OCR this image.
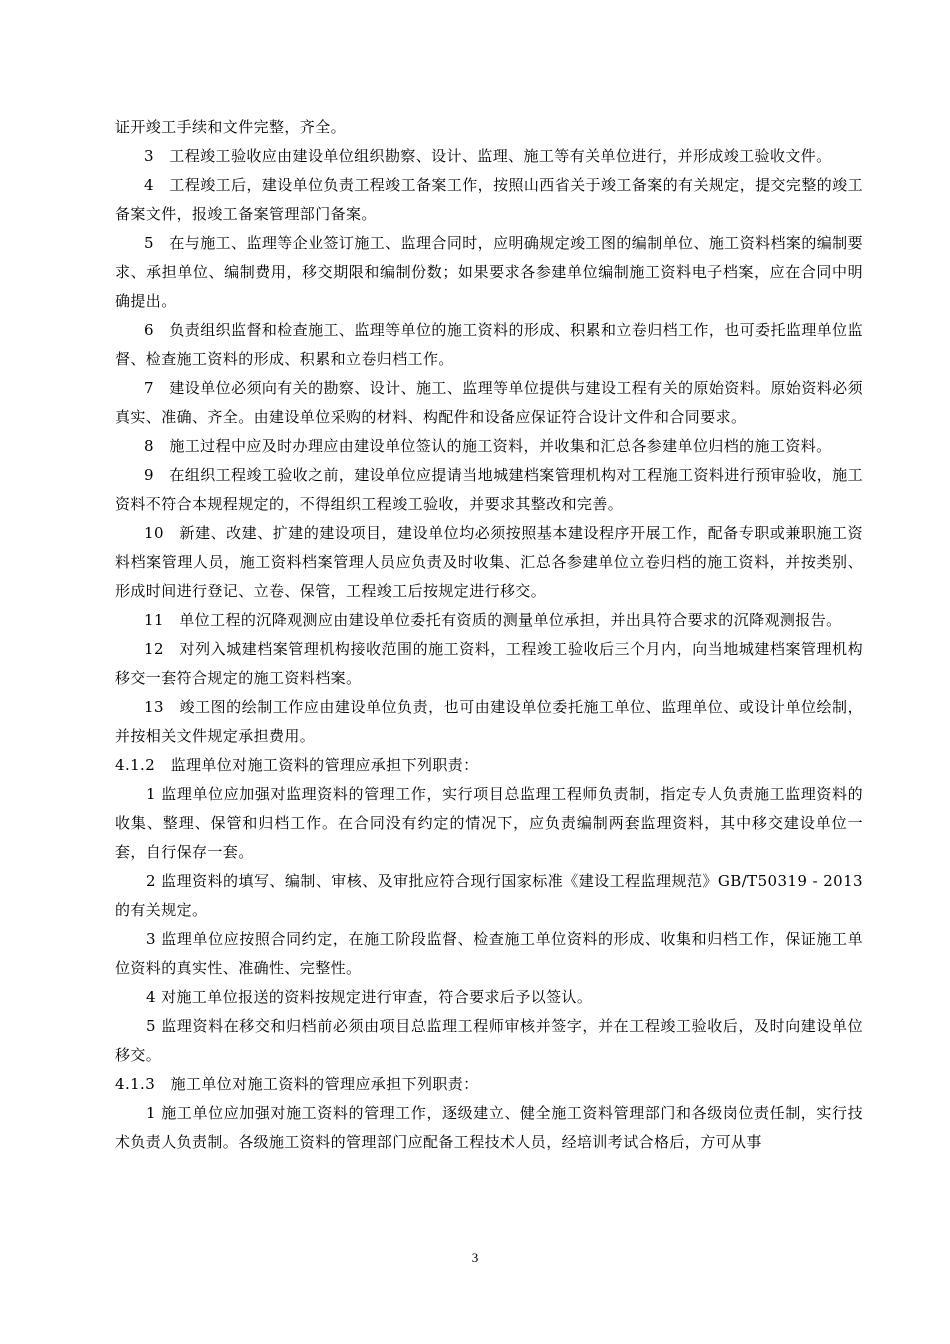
证开竣工手续和文件完整，齐全。

3　工程竣工验收应由建设单位组织勘察、设计、监理、施工等有关单位进行，并形成竣工验收文件。

4　工程竣工后，建设单位负责工程竣工备案工作，按照山西省关于竣工备案的有关规定，提交完整的竣工备案文件，报竣工备案管理部门备案。

5　在与施工、监理等企业签订施工、监理合同时，应明确规定竣工图的编制单位、施工资料档案的编制要求、承担单位、编制费用，移交期限和编制份数；如果要求各参建单位编制施工资料电子档案，应在合同中明确提出。

6　负责组织监督和检查施工、监理等单位的施工资料的形成、积累和立卷归档工作，也可委托监理单位监督、检查施工资料的形成、积累和立卷归档工作。

7　建设单位必须向有关的勘察、设计、施工、监理等单位提供与建设工程有关的原始资料。原始资料必须真实、准确、齐全。由建设单位采购的材料、构配件和设备应保证符合设计文件和合同要求。

8　施工过程中应及时办理应由建设单位签认的施工资料，并收集和汇总各参建单位归档的施工资料。

9　在组织工程竣工验收之前，建设单位应提请当地城建档案管理机构对工程施工资料进行预审验收，施工资料不符合本规程规定的，不得组织工程竣工验收，并要求其整改和完善。

10　新建、改建、扩建的建设项目，建设单位均必须按照基本建设程序开展工作，配备专职或兼职施工资料档案管理人员，施工资料档案管理人员应负责及时收集、汇总各参建单位立卷归档的施工资料，并按类别、形成时间进行登记、立卷、保管，工程竣工后按规定进行移交。

11　单位工程的沉降观测应由建设单位委托有资质的测量单位承担，并出具符合要求的沉降观测报告。

12　对列入城建档案管理机构接收范围的施工资料，工程竣工验收后三个月内，向当地城建档案管理机构移交一套符合规定的施工资料档案。

13　竣工图的绘制工作应由建设单位负责，也可由建设单位委托施工单位、监理单位、或设计单位绘制，并按相关文件规定承担费用。

4.1.2　监理单位对施工资料的管理应承担下列职责：

1 监理单位应加强对监理资料的管理工作，实行项目总监理工程师负责制，指定专人负责施工监理资料的收集、整理、保管和归档工作。在合同没有约定的情况下，应负责编制两套监理资料，其中移交建设单位一套，自行保存一套。

2 监理资料的填写、编制、审核、及审批应符合现行国家标准《建设工程监理规范》GB/T50319 - 2013的有关规定。

3 监理单位应按照合同约定，在施工阶段监督、检查施工单位资料的形成、收集和归档工作，保证施工单位资料的真实性、准确性、完整性。

4 对施工单位报送的资料按规定进行审查，符合要求后予以签认。

5 监理资料在移交和归档前必须由项目总监理工程师审核并签字，并在工程竣工验收后，及时向建设单位移交。

4.1.3　施工单位对施工资料的管理应承担下列职责：

1 施工单位应加强对施工资料的管理工作，逐级建立、健全施工资料管理部门和各级岗位责任制，实行技术负责人负责制。各级施工资料的管理部门应配备工程技术人员，经培训考试合格后，方可从事

3
